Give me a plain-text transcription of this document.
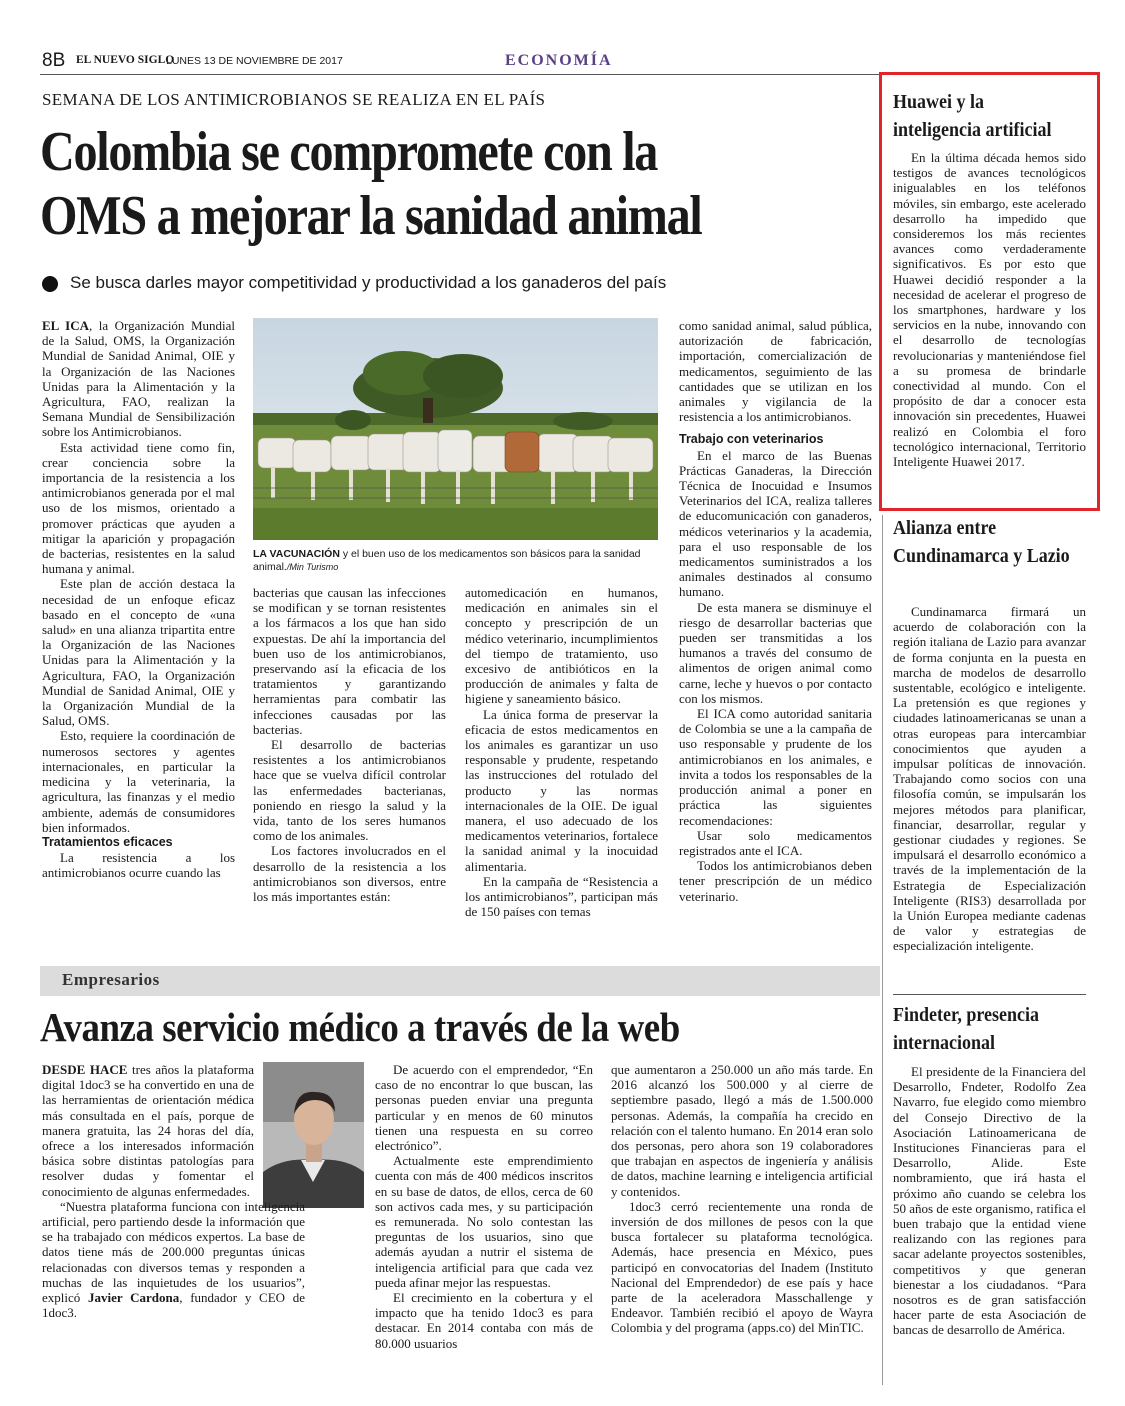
8B EL NUEVO SIGLO
LUNES 13 DE NOVIEMBRE DE 2017	ECONOMÍA
SEMANA DE LOS ANTIMICROBIANOS SE REALIZA EN EL PAÍS
Colombia se compromete con la
OMS a mejorar la sanidad animal
Se busca darles mayor competitividad y productividad a los ganaderos del país

EL ICA, la Organización Mundial de la Salud, OMS, la Organización Mundial de Sanidad Animal, OIE y la Organización de las Naciones Unidas para la Alimentación y la Agricultura, FAO, realizan la Semana Mundial de Sensibilización sobre los Antimicrobianos.

Esta actividad tiene como fin, crear conciencia sobre la importancia de la resistencia a los antimicrobianos generada por el mal uso de los mismos, orientado a promover prácticas que ayuden a mitigar la aparición y propagación de bacterias, resistentes en la salud humana y animal.

Este plan de acción destaca la necesidad de un enfoque eficaz basado en el concepto de «una salud» en una alianza tripartita entre la Organización de las Naciones Unidas para la Alimentación y la Agricultura, FAO, la Organización Mundial de Sanidad Animal, OIE y la Organización Mundial de la Salud, OMS.

Esto, requiere la coordinación de numerosos sectores y agentes internacionales, en particular la medicina y la veterinaria, la agricultura, las finanzas y el medio ambiente, además de consumidores bien informados.

Tratamientos eficaces

La resistencia a los antimicrobianos ocurre cuando las

LA VACUNACIÓN y el buen uso de los medicamentos son básicos para la sanidad animal./Min Turismo

bacterias que causan las infecciones se modifican y se tornan resistentes a los fármacos a los que han sido expuestas. De ahí la importancia del buen uso de los antimicrobianos, preservando así la eficacia de los tratamientos y garantizando herramientas para combatir las infecciones causadas por las bacterias.

El desarrollo de bacterias resistentes a los antimicrobianos hace que se vuelva difícil controlar las enfermedades bacterianas, poniendo en riesgo la salud y la vida, tanto de los seres humanos como de los animales.

Los factores involucrados en el desarrollo de la resistencia a los antimicrobianos son diversos, entre los más importantes están:

automedicación en humanos, medicación en animales sin el concepto y prescripción de un médico veterinario, incumplimientos del tiempo de tratamiento, uso excesivo de antibióticos en la producción de animales y falta de higiene y saneamiento básico.

La única forma de preservar la eficacia de estos medicamentos en los animales es garantizar un uso responsable y prudente, respetando las instrucciones del rotulado del producto y las normas internacionales de la OIE. De igual manera, el uso adecuado de los medicamentos veterinarios, fortalece la sanidad animal y la inocuidad alimentaria.

En la campaña de “Resistencia a los antimicrobianos”, participan más de 150 países con temas

como sanidad animal, salud pública, autorización de fabricación, importación, comercialización de medicamentos, seguimiento de las cantidades que se utilizan en los animales y vigilancia de la resistencia a los antimicrobianos.

Trabajo con veterinarios

En el marco de las Buenas Prácticas Ganaderas, la Dirección Técnica de Inocuidad e Insumos Veterinarios del ICA, realiza talleres de educomunicación con ganaderos, médicos veterinarios y la academia, para el uso responsable de los medicamentos suministrados a los animales destinados al consumo humano.

De esta manera se disminuye el riesgo de desarrollar bacterias que pueden ser transmitidas a los humanos a través del consumo de alimentos de origen animal como carne, leche y huevos o por contacto con los mismos.

El ICA como autoridad sanitaria de Colombia se une a la campaña de uso responsable y prudente de los antimicrobianos en los animales, e invita a todos los responsables de la producción animal a poner en práctica las siguientes recomendaciones:

Usar solo medicamentos registrados ante el ICA.

Todos los antimicrobianos deben tener prescripción de un médico veterinario.

Huawei y la inteligencia artificial

En la última década hemos sido testigos de avances tecnológicos inigualables en los teléfonos móviles, sin embargo, este acelerado desarrollo ha impedido que consideremos los más recientes avances como verdaderamente significativos. Es por esto que Huawei decidió responder a la necesidad de acelerar el progreso de los smartphones, hardware y los servicios en la nube, innovando con el desarrollo de tecnologías revolucionarias y manteniéndose fiel a su promesa de brindarle conectividad al mundo. Con el propósito de dar a conocer esta innovación sin precedentes, Huawei realizó en Colombia el foro tecnológico internacional, Territorio Inteligente Huawei 2017.

Alianza entre Cundinamarca y Lazio

Cundinamarca firmará un acuerdo de colaboración con la región italiana de Lazio para avanzar de forma conjunta en la puesta en marcha de modelos de desarrollo sustentable, ecológico e inteligente. La pretensión es que regiones y ciudades latinoamericanas se unan a otras europeas para intercambiar conocimientos que ayuden a impulsar políticas de innovación. Trabajando como socios con una filosofía común, se impulsarán los mejores métodos para planificar, financiar, desarrollar, regular y gestionar ciudades y regiones. Se impulsará el desarrollo económico a través de la implementación de la Estrategia de Especialización Inteligente (RIS3) desarrollada por la Unión Europea mediante cadenas de valor y estrategias de especialización inteligente.

Findeter, presencia internacional

El presidente de la Financiera del Desarrollo, Fndeter, Rodolfo Zea Navarro, fue elegido como miembro del Consejo Directivo de la Asociación Latinoamericana de Instituciones Financieras para el Desarrollo, Alide. Este nombramiento, que irá hasta el próximo año cuando se celebra los 50 años de este organismo, ratifica el buen trabajo que la entidad viene realizando con las regiones para sacar adelante proyectos sostenibles, competitivos y que generan bienestar a los ciudadanos. “Para nosotros es de gran satisfacción hacer parte de esta Asociación de bancas de desarrollo de América.

Empresarios
Avanza servicio médico a través de la web

DESDE HACE tres años la plataforma digital 1doc3 se ha convertido en una de las herramientas de orientación médica más consultada en el país, porque de manera gratuita, las 24 horas del día, ofrece a los interesados información básica sobre distintas patologías para resolver dudas y fomentar el conocimiento de algunas enfermedades.

“Nuestra plataforma funciona con inteligencia artificial, pero partiendo desde la información que se ha trabajado con médicos expertos. La base de datos tiene más de 200.000 preguntas únicas relacionadas con diversos temas y responden a muchas de las inquietudes de los usuarios”, explicó Javier Cardona, fundador y CEO de 1doc3.

De acuerdo con el emprendedor, “En caso de no encontrar lo que buscan, las personas pueden enviar una pregunta particular y en menos de 60 minutos tienen una respuesta en su correo electrónico”.

Actualmente este emprendimiento cuenta con más de 400 médicos inscritos en su base de datos, de ellos, cerca de 60 son activos cada mes, y su participación es remunerada. No solo contestan las preguntas de los usuarios, sino que además ayudan a nutrir el sistema de inteligencia artificial para que cada vez pueda afinar mejor las respuestas.

El crecimiento en la cobertura y el impacto que ha tenido 1doc3 es para destacar. En 2014 contaba con más de 80.000 usuarios

que aumentaron a 250.000 un año más tarde. En 2016 alcanzó los 500.000 y al cierre de septiembre pasado, llegó a más de 1.500.000 personas. Además, la compañía ha crecido en relación con el talento humano. En 2014 eran solo dos personas, pero ahora son 19 colaboradores que trabajan en aspectos de ingeniería y análisis de datos, machine learning e inteligencia artificial y contenidos.

1doc3 cerró recientemente una ronda de inversión de dos millones de pesos con la que busca fortalecer su plataforma tecnológica. Además, hace presencia en México, pues participó en convocatorias del Inadem (Instituto Nacional del Emprendedor) de ese país y hace parte de la aceleradora Masschallenge y Endeavor. También recibió el apoyo de Wayra Colombia y del programa (apps.co) del MinTIC.
